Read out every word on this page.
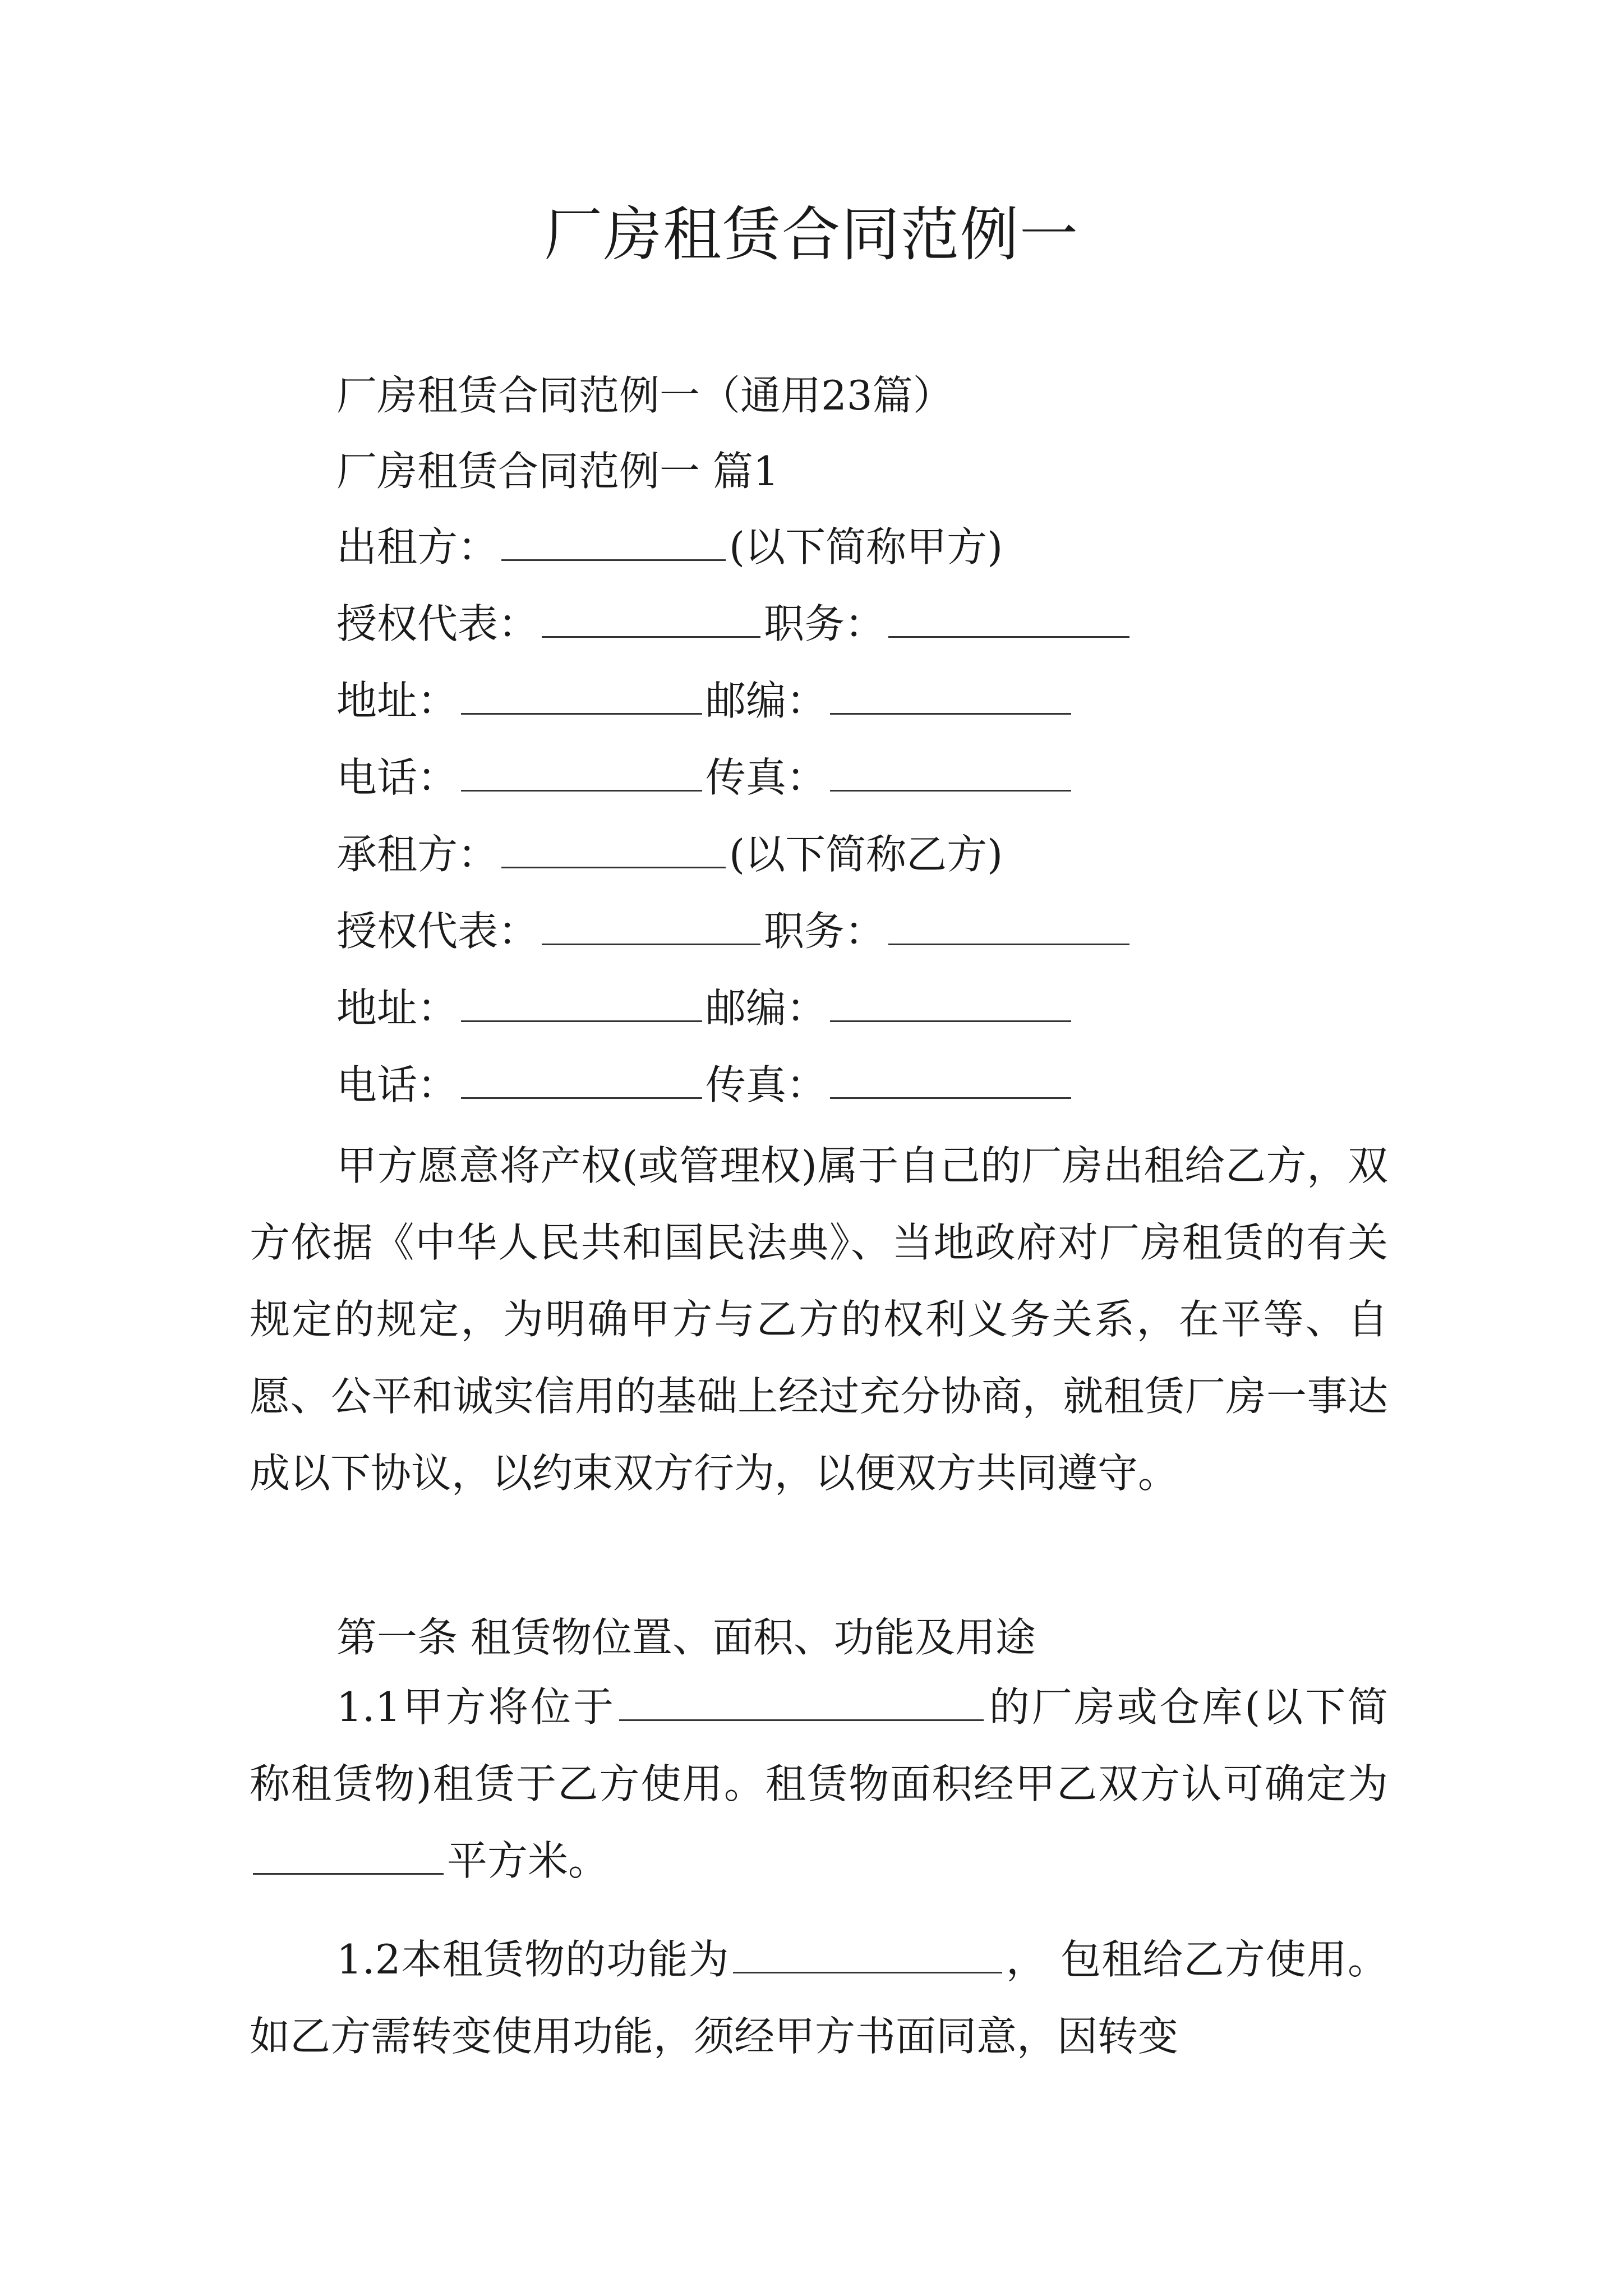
厂房租赁合同范例一
厂房租赁合同范例一（通用23篇）
厂房租赁合同范例一 篇1
出租方：	(以下简称甲方)
授权代表：	职务：
地址：	邮编：
电话：	传真：
承租方：	(以下简称乙方)
授权代表：	职务：
地址：	邮编：
电话：	传真：
甲方愿意将产权(或管理权)属于自己的厂房出租给乙方，双方依据《中华人民共和国民法典》、当地政府对厂房租赁的有关规定的规定，为明确甲方与乙方的权利义务关系，在平等、自愿、公平和诚实信用的基础上经过充分协商，就租赁厂房一事达成以下协议，以约束双方行为，以便双方共同遵守。
第一条 租赁物位置、面积、功能及用途
1.1甲方将位于	的厂房或仓库(以下简称租赁物)租赁于乙方使用。租赁物面积经甲乙双方认可确定为平方米。
1.2本租赁物的功能为	， 包租给乙方使用。如乙方需转变使用功能，须经甲方书面同意，因转变
